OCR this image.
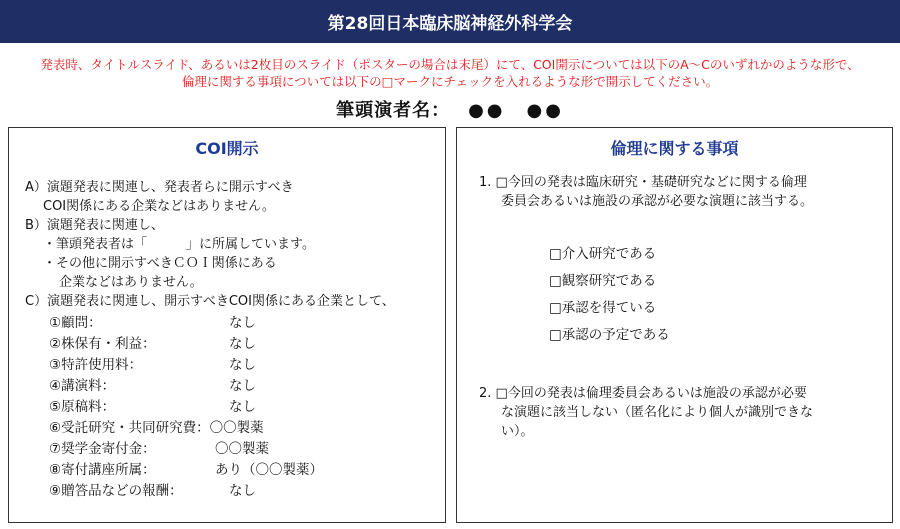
第28回日本臨床脳神経外科学会
発表時、タイトルスライド、あるいは2枚目のスライド（ポスターの場合は末尾）にて、COI開示については以下のA～Cのいずれかのような形で、
倫理に関する事項については以下の□マークにチェックを入れるような形で開示してください。
筆頭演者名： ●●　●●
COI開示
A）演題発表に関連し、発表者らに開示すべき
COI関係にある企業などはありません。
B）演題発表に関連し、
・筆頭発表者は「　　　」に所属しています。
・その他に開示すべきＣＯＩ関係にある
企業などはありません。
C）演題発表に関連し、開示すべきCOI関係にある企業として、
①顧問：	なし
②株保有・利益：	なし
③特許使用料：	なし
④講演料：	なし
⑤原稿料：	なし
⑥受託研究・共同研究費： 〇〇製薬
⑦奨学金寄付金：	〇〇製薬
⑧寄付講座所属：	あり（〇〇製薬）
⑨贈答品などの報酬：	なし
倫理に関する事項
1. □今回の発表は臨床研究・基礎研究などに関する倫理
委員会あるいは施設の承認が必要な演題に該当する。
□介入研究である
□観察研究である
□承認を得ている
□承認の予定である
2. □今回の発表は倫理委員会あるいは施設の承認が必要
な演題に該当しない（匿名化により個人が識別できな
い）。
